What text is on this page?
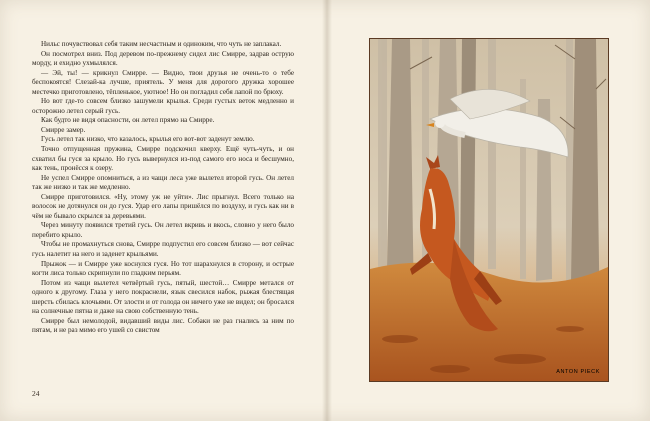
Нильс почувствовал себя таким несчастным и одиноким, что чуть не заплакал.

Он посмотрел вниз. Под деревом по-прежнему сидел лис Смирре, задрав острую морду, и ехидно ухмылялся.

— Эй, ты! — крикнул Смирре. — Видно, твои друзья не очень-то о тебе беспокоятся! Слезай-ка лучше, приятель. У меня для дорогого дружка хорошее местечко приготовлено, тёпленькое, уютное! Но он погладил себя лапой по брюху.

Но вот где-то совсем близко зашумели крылья. Среди густых веток медленно и осторожно летел серый гусь.

Как будто не видя опасности, он летел прямо на Смирре.

Смирре замер.

Гусь летел так низко, что казалось, крылья его вот-вот заденут землю.

Точно отпущенная пружина, Смирре подскочил кверху. Ещё чуть-чуть, и он схватил бы гуся за крыло. Но гусь вывернулся из-под самого его носа и бесшумно, как тень, пронёсся к озеру.

Не успел Смирре опомниться, а из чащи леса уже вылетел второй гусь. Он летел так же низко и так же медленно.

Смирре приготовился. «Ну, этому уж не уйти». Лис прыгнул. Всего только на волосок не дотянулся он до гуся. Удар его лапы пришёлся по воздуху, и гусь как ни в чём не бывало скрылся за деревьями.

Через минуту появился третий гусь. Он летел вкривь и вкось, словно у него было перебито крыло.

Чтобы не промахнуться снова, Смирре подпустил его совсем близко — вот сейчас гусь налетит на него и заденет крыльями.

Прыжок — и Смирре уже коснулся гуся. Но тот шарахнулся в сторону, и острые когти лиса только скрипнули по гладким перьям.

Потом из чащи вылетел четвёртый гусь, пятый, шестой… Смирре метался от одного к другому. Глаза у него покраснели, язык свесился набок, рыжая блестящая шерсть сбилась клочьями. От злости и от голода он ничего уже не видел; он бросался на солнечные пятна и даже на свою собственную тень.

Смирре был немолодой, видавший виды лис. Собаки не раз гнались за ним по пятам, и не раз мимо его ушей со свистом

24
ANTON PIECK
